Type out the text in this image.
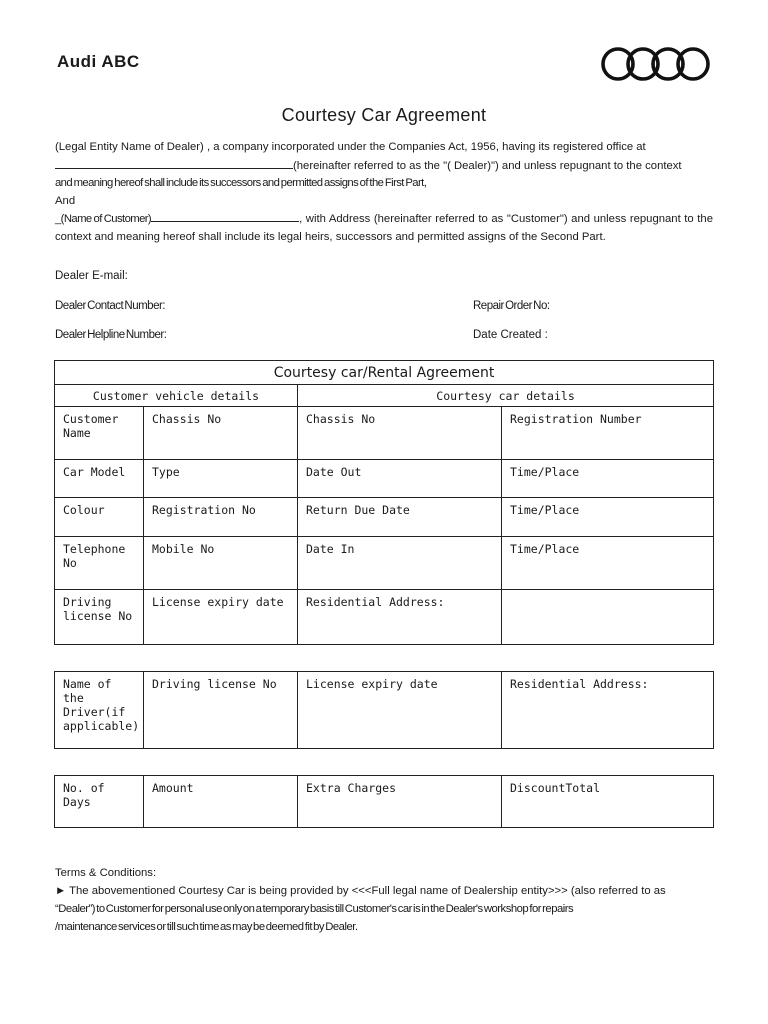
Audi ABC
Courtesy Car Agreement

(Legal Entity Name of Dealer) , a company incorporated under the Companies Act, 1956, having its registered office at

(hereinafter referred to as the "( Dealer)") and unless repugnant to the context

and meaning hereof shall include its successors and permitted assigns of the First Part,

And

_(Name of Customer)	, with Address (hereinafter referred to as "Customer") and unless repugnant to the context and meaning hereof shall include its legal heirs, successors and permitted assigns of the Second Part.

Dealer E-mail:
Dealer Contact Number:	Repair Order No:
Dealer Helpline Number:	Date Created :
Courtesy car/Rental Agreement			
Customer vehicle details		Courtesy car details	
Customer Name	Chassis No	Chassis No	Registration Number
Car Model	Type	Date Out	Time/Place
Colour	Registration No	Return Due Date	Time/Place
Telephone No	Mobile No	Date In	Time/Place
Driving license No	License expiry date	Residential Address:	
Name of the Driver(if applicable)	Driving license No	License expiry date	Residential Address:
No. of Days	Amount	Extra Charges	DiscountTotal

Terms & Conditions:

► The abovementioned Courtesy Car is being provided by <<<Full legal name of Dealership entity>>> (also referred to as

“Dealer”) to Customer for personal use only on a temporary basis till Customer's car is in the Dealer's workshop for repairs

/maintenance services or till such time as may be deemed fit by Dealer.
